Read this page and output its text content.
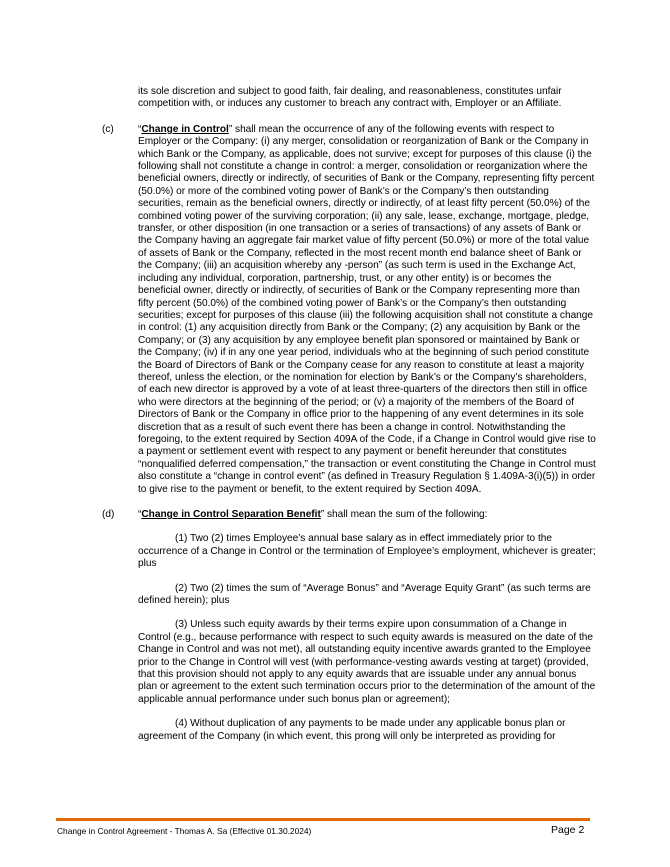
its sole discretion and subject to good faith, fair dealing, and reasonableness, constitutes unfair competition with, or induces any customer to breach any contract with, Employer or an Affiliate.
(c) “Change in Control” shall mean the occurrence of any of the following events with respect to Employer or the Company: (i) any merger, consolidation or reorganization of Bank or the Company in which Bank or the Company, as applicable, does not survive; except for purposes of this clause (i) the following shall not constitute a change in control: a merger, consolidation or reorganization where the beneficial owners, directly or indirectly, of securities of Bank or the Company, representing fifty percent (50.0%) or more of the combined voting power of Bank’s or the Company’s then outstanding securities, remain as the beneficial owners, directly or indirectly, of at least fifty percent (50.0%) of the combined voting power of the surviving corporation; (ii) any sale, lease, exchange, mortgage, pledge, transfer, or other disposition (in one transaction or a series of transactions) of any assets of Bank or the Company having an aggregate fair market value of fifty percent (50.0%) or more of the total value of assets of Bank or the Company, reflected in the most recent month end balance sheet of Bank or the Company; (iii) an acquisition whereby any -person” (as such term is used in the Exchange Act, including any individual, corporation, partnership, trust, or any other entity) is or becomes the beneficial owner, directly or indirectly, of securities of Bank or the Company representing more than fifty percent (50.0%) of the combined voting power of Bank’s or the Company’s then outstanding securities; except for purposes of this clause (iii) the following acquisition shall not constitute a change in control: (1) any acquisition directly from Bank or the Company; (2) any acquisition by Bank or the Company; or (3) any acquisition by any employee benefit plan sponsored or maintained by Bank or the Company; (iv) if in any one year period, individuals who at the beginning of such period constitute the Board of Directors of Bank or the Company cease for any reason to constitute at least a majority thereof, unless the election, or the nomination for election by Bank’s or the Company’s shareholders, of each new director is approved by a vote of at least three-quarters of the directors then still in office who were directors at the beginning of the period; or (v) a majority of the members of the Board of Directors of Bank or the Company in office prior to the happening of any event determines in its sole discretion that as a result of such event there has been a change in control. Notwithstanding the foregoing, to the extent required by Section 409A of the Code, if a Change in Control would give rise to a payment or settlement event with respect to any payment or benefit hereunder that constitutes “nonqualified deferred compensation,” the transaction or event constituting the Change in Control must also constitute a “change in control event” (as defined in Treasury Regulation § 1.409A-3(i)(5)) in order to give rise to the payment or benefit, to the extent required by Section 409A.
(d) “Change in Control Separation Benefit” shall mean the sum of the following:
(1) Two (2) times Employee’s annual base salary as in effect immediately prior to the occurrence of a Change in Control or the termination of Employee’s employment, whichever is greater; plus
(2) Two (2) times the sum of “Average Bonus” and “Average Equity Grant” (as such terms are defined herein); plus
(3) Unless such equity awards by their terms expire upon consummation of a Change in Control (e.g., because performance with respect to such equity awards is measured on the date of the Change in Control and was not met), all outstanding equity incentive awards granted to the Employee prior to the Change in Control will vest (with performance-vesting awards vesting at target) (provided, that this provision should not apply to any equity awards that are issuable under any annual bonus plan or agreement to the extent such termination occurs prior to the determination of the amount of the applicable annual performance under such bonus plan or agreement);
(4) Without duplication of any payments to be made under any applicable bonus plan or agreement of the Company (in which event, this prong will only be interpreted as providing for
Change in Control Agreement - Thomas A. Sa (Effective 01.30.2024)	Page 2
